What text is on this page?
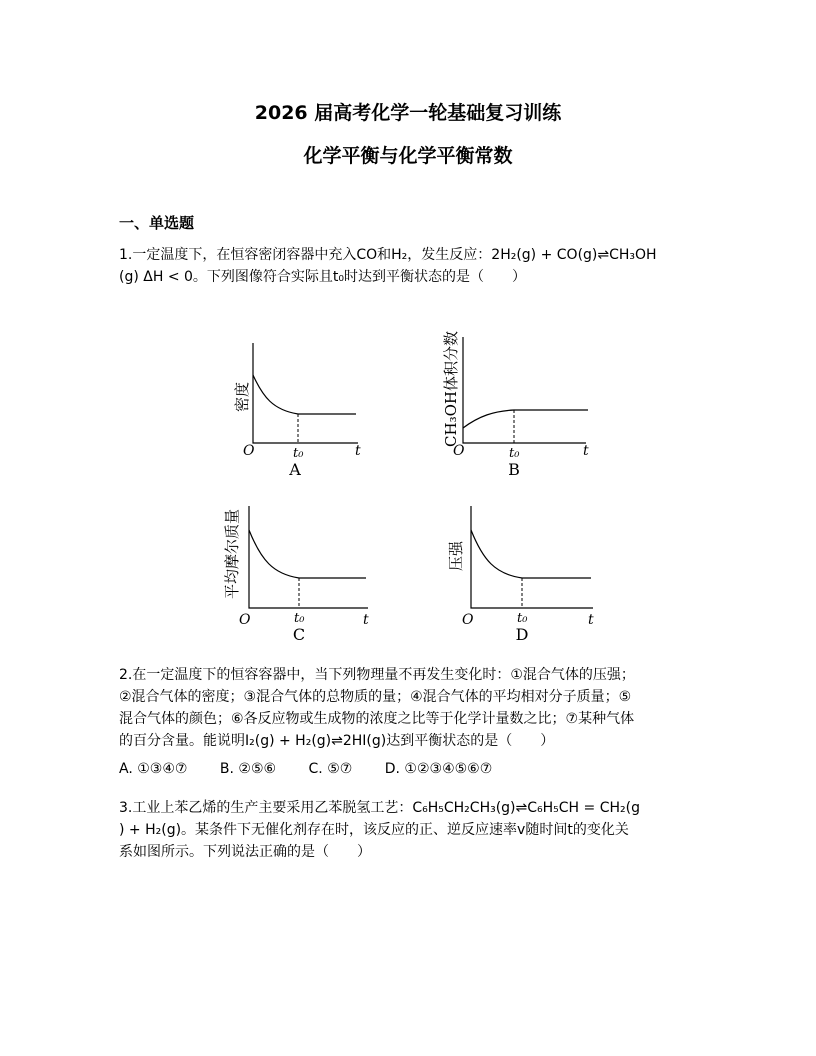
2026 届高考化学一轮基础复习训练
化学平衡与化学平衡常数
一、单选题
1.一定温度下，在恒容密闭容器中充入CO和H₂，发生反应：2H₂(g) + CO(g)⇌CH₃OH
(g) ΔH < 0。下列图像符合实际且t₀时达到平衡状态的是（　　）
O	t₀	t
密度
A
O	t₀	t
CH₃OH体积分数
B
O	t₀	t
平均摩尔质量
C
O	t₀	t
压强
D
2.在一定温度下的恒容容器中，当下列物理量不再发生变化时：①混合气体的压强；
②混合气体的密度；③混合气体的总物质的量；④混合气体的平均相对分子质量；⑤
混合气体的颜色；⑥各反应物或生成物的浓度之比等于化学计量数之比；⑦某种气体
的百分含量。能说明I₂(g) + H₂(g)⇌2HI(g)达到平衡状态的是（　　）
A. ①③④⑦ B. ②⑤⑥ C. ⑤⑦ D. ①②③④⑤⑥⑦
3.工业上苯乙烯的生产主要采用乙苯脱氢工艺：C₆H₅CH₂CH₃(g)⇌C₆H₅CH = CH₂(g
) + H₂(g)。某条件下无催化剂存在时，该反应的正、逆反应速率v随时间t的变化关
系如图所示。下列说法正确的是（　　）
